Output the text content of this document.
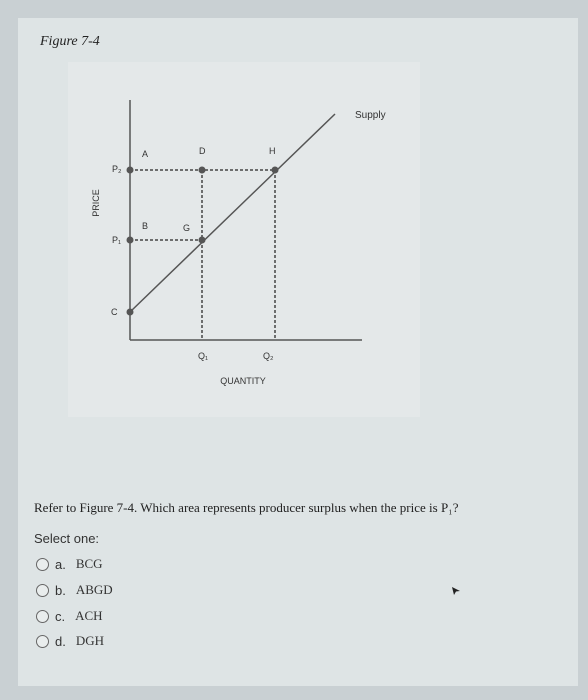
Figure 7-4
PRICE
QUANTITY
Supply
P₂
P₁
C
Q₁	Q₂
A
B
D
G
H
Refer to Figure 7-4. Which area represents producer surplus when the price is P₁?
Select one:
a. BCG
b. ABGD
c. ACH
d. DGH
